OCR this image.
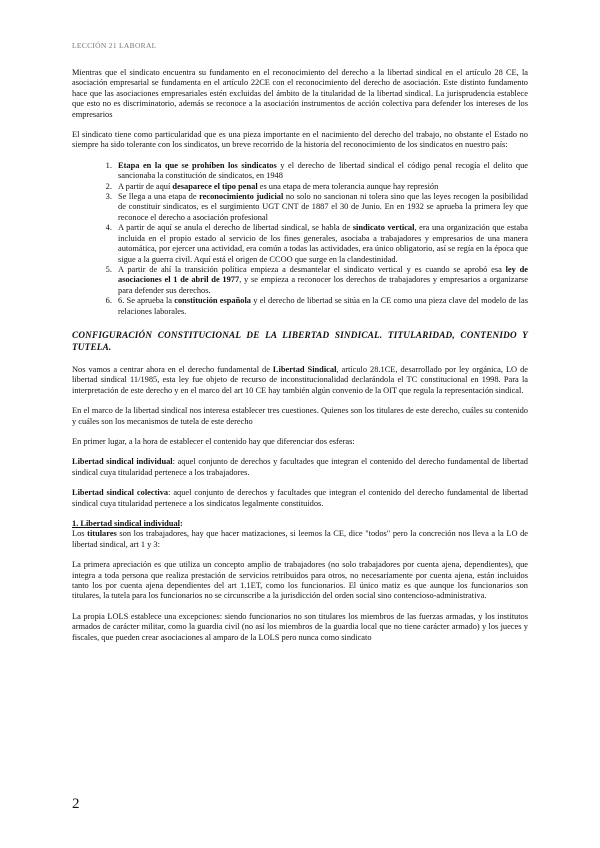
LECCIÓN 21 LABORAL

Mientras que el sindicato encuentra su fundamento en el reconocimiento del derecho a la libertad sindical en el artículo 28 CE, la asociación empresarial se fundamenta en el artículo 22CE con el reconocimiento del derecho de asociación. Este distinto fundamento hace que las asociaciones empresariales estén excluidas del ámbito de la titularidad de la libertad sindical. La jurisprudencia establece que esto no es discriminatorio, además se reconoce a la asociación instrumentos de acción colectiva para defender los intereses de los empresarios

El sindicato tiene como particularidad que es una pieza importante en el nacimiento del derecho del trabajo, no obstante el Estado no siempre ha sido tolerante con los sindicatos, un breve recorrido de la historia del reconocimiento de los sindicatos en nuestro país:

1. Etapa en la que se prohíben los sindicatos y el derecho de libertad sindical el código penal recogía el delito que sancionaba la constitución de sindicatos, en 1948
2. A partir de aquí desaparece el tipo penal es una etapa de mera tolerancia aunque hay represión
3. Se llega a una etapa de reconocimiento judicial no solo no sancionan ni tolera sino que las leyes recogen la posibilidad de constituir sindicatos, es el surgimiento UGT CNT de 1887 el 30 de Junio. En en 1932 se aprueba la primera ley que reconoce el derecho a asociación profesional
4. A partir de aquí se anula el derecho de libertad sindical, se habla de sindicato vertical, era una organización que estaba incluida en el propio estado al servicio de los fines generales, asociaba a trabajadores y empresarios de una manera automática, por ejercer una actividad, era común a todas las actividades, era único obligatorio, así se regía en la época que sigue a la guerra civil. Aquí está el origen de CCOO que surge en la clandestinidad.
5. A partir de ahí la transición política empieza a desmantelar el sindicato vertical y es cuando se aprobó esa ley de asociaciones el 1 de abril de 1977, y se empieza a reconocer los derechos de trabajadores y empresarios a organizarse para defender sus derechos.
6. 6. Se aprueba la constitución española y el derecho de libertad se sitúa en la CE como una pieza clave del modelo de las relaciones laborales.
CONFIGURACIÓN CONSTITUCIONAL DE LA LIBERTAD SINDICAL. TITULARIDAD, CONTENIDO Y TUTELA.

Nos vamos a centrar ahora en el derecho fundamental de Libertad Sindical, artículo 28.1CE, desarrollado por ley orgánica, LO de libertad sindical 11/1985, esta ley fue objeto de recurso de inconstitucionalidad declarándola el TC constitucional en 1998. Para la interpretación de este derecho y en el marco del art 10 CE hay también algún convenio de la OIT que regula la representación sindical.

En el marco de la libertad sindical nos interesa establecer tres cuestiones. Quienes son los titulares de este derecho, cuáles su contenido y cuáles son los mecanismos de tutela de este derecho

En primer lugar, a la hora de establecer el contenido hay que diferenciar dos esferas:

Libertad sindical individual: aquel conjunto de derechos y facultades que integran el contenido del derecho fundamental de libertad sindical cuya titularidad pertenece a los trabajadores.

Libertad sindical colectiva: aquel conjunto de derechos y facultades que integran el contenido del derecho fundamental de libertad sindical cuya titularidad pertenece a los sindicatos legalmente constituidos.

1. Libertad sindical individual:
Los titulares son los trabajadores, hay que hacer matizaciones, si leemos la CE, dice "todos" pero la concreción nos lleva a la LO de libertad sindical, art 1 y 3:

La primera apreciación es que utiliza un concepto amplio de trabajadores (no solo trabajadores por cuenta ajena, dependientes), que integra a toda persona que realiza prestación de servicios retribuidos para otros, no necesariamente por cuenta ajena, están incluidos tanto los por cuenta ajena dependientes del art 1.1ET, como los funcionarios. El único matiz es que aunque los funcionarios son titulares, la tutela para los funcionarios no se circunscribe a la jurisdicción del orden social sino contencioso-administrativa.

La propia LOLS establece una excepciones: siendo funcionarios no son titulares los miembros de las fuerzas armadas, y los institutos armados de carácter militar, como la guardia civil (no así los miembros de la guardia local que no tiene carácter armado) y los jueces y fiscales, que pueden crear asociaciones al amparo de la LOLS pero nunca como sindicato

2
